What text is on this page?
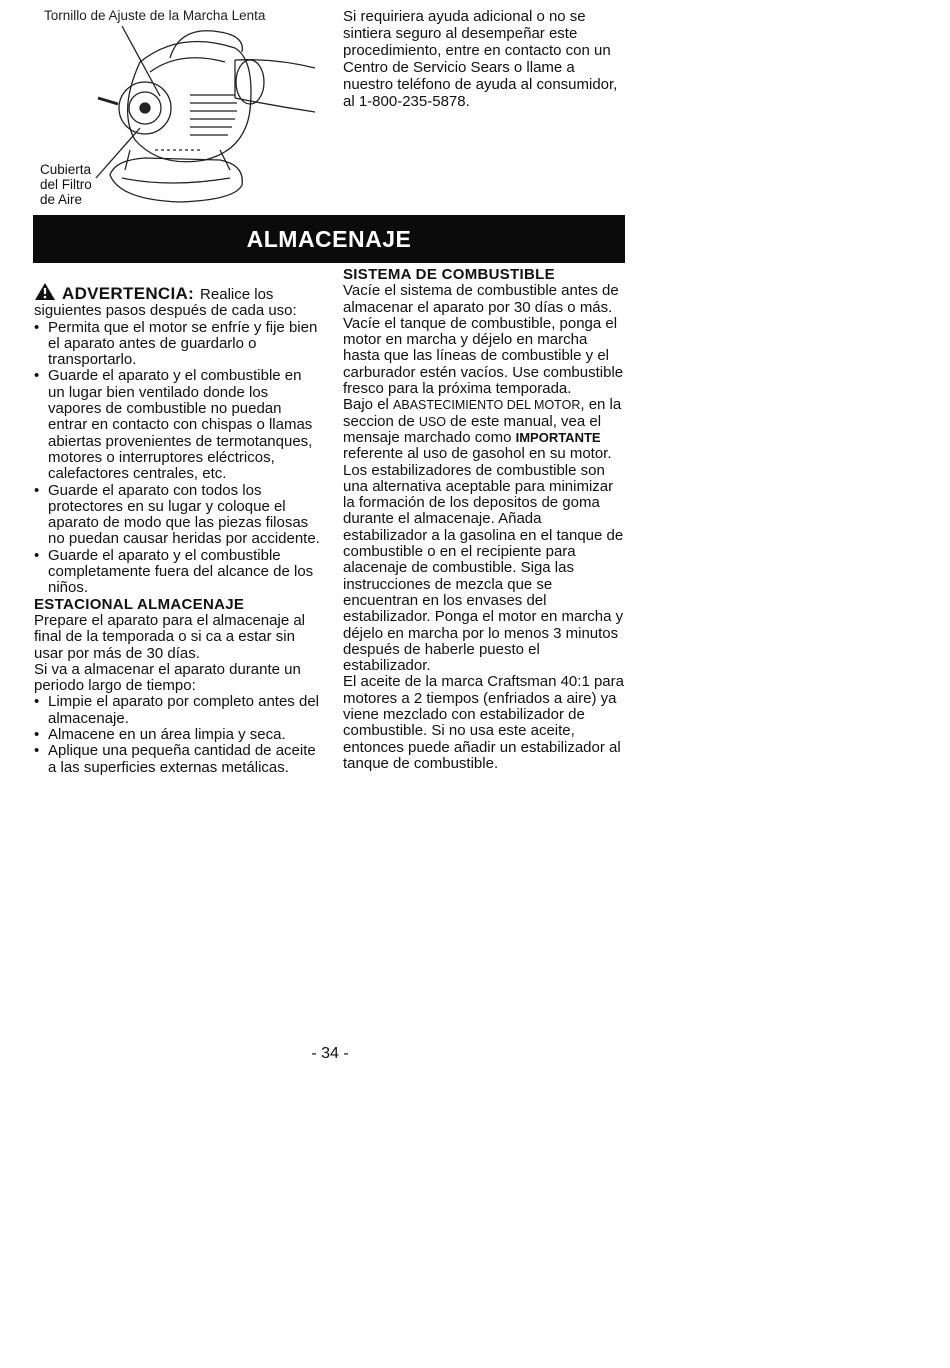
Tornillo de Ajuste de la Marcha Lenta
Cubierta
del Filtro
de Aire

Si requiriera ayuda adicional o no se sintiera seguro al desempeñar este procedimiento, entre en contacto con un Centro de Servicio Sears o llame a nuestro teléfono de ayuda al consumidor, al 1-800-235-5878.

ALMACENAJE

ADVERTENCIA: Realice los siguientes pasos después de cada uso:

• Permita que el motor se enfríe y fije bien el aparato antes de guardarlo o transportarlo.
• Guarde el aparato y el combustible en un lugar bien ventilado donde los vapores de combustible no puedan entrar en contacto con chispas o llamas abiertas provenientes de termotanques, motores o interruptores eléctricos, calefactores centrales, etc.
• Guarde el aparato con todos los protectores en su lugar y coloque el aparato de modo que las piezas filosas no puedan causar heridas por accidente.
• Guarde el aparato y el combustible completamente fuera del alcance de los niños.

ESTACIONAL ALMACENAJE

Prepare el aparato para el almacenaje al final de la temporada o si ca a estar sin usar por más de 30 días.

Si va a almacenar el aparato durante un periodo largo de tiempo:

• Limpie el aparato por completo antes del almacenaje.
• Almacene en un área limpia y seca.
• Aplique una pequeña cantidad de aceite a las superficies externas metálicas.

SISTEMA DE COMBUSTIBLE

Vacíe el sistema de combustible antes de almacenar el aparato por 30 días o más. Vacíe el tanque de combustible, ponga el motor en marcha y déjelo en marcha hasta que las líneas de combustible y el carburador estén vacíos. Use combustible fresco para la próxima temporada.

Bajo el ABASTECIMIENTO DEL MOTOR, en la seccion de USO de este manual, vea el mensaje marchado como IMPORTANTE referente al uso de gasohol en su motor.

Los estabilizadores de combustible son una alternativa aceptable para minimizar la formación de los depositos de goma durante el almacenaje. Añada estabilizador a la gasolina en el tanque de combustible o en el recipiente para alacenaje de combustible. Siga las instrucciones de mezcla que se encuentran en los envases del estabilizador. Ponga el motor en marcha y déjelo en marcha por lo menos 3 minutos después de haberle puesto el estabilizador.

El aceite de la marca Craftsman 40:1 para motores a 2 tiempos (enfriados a aire) ya viene mezclado con estabilizador de combustible. Si no usa este aceite, entonces puede añadir un estabilizador al tanque de combustible.

- 34 -
